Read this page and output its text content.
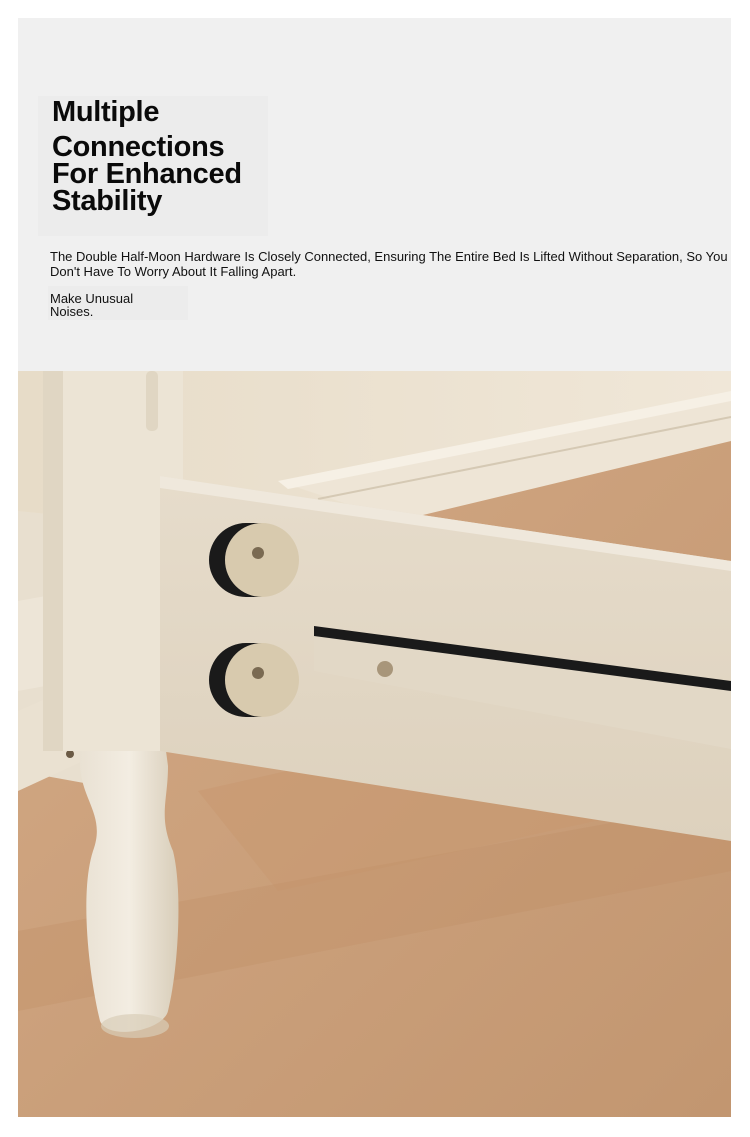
Multiple
Connections
For Enhanced
Stability
The Double Half-Moon Hardware Is Closely Connected, Ensuring The Entire Bed Is Lifted Without Separation, So You
Don't Have To Worry About It Falling Apart.
Make Unusual
Noises.
